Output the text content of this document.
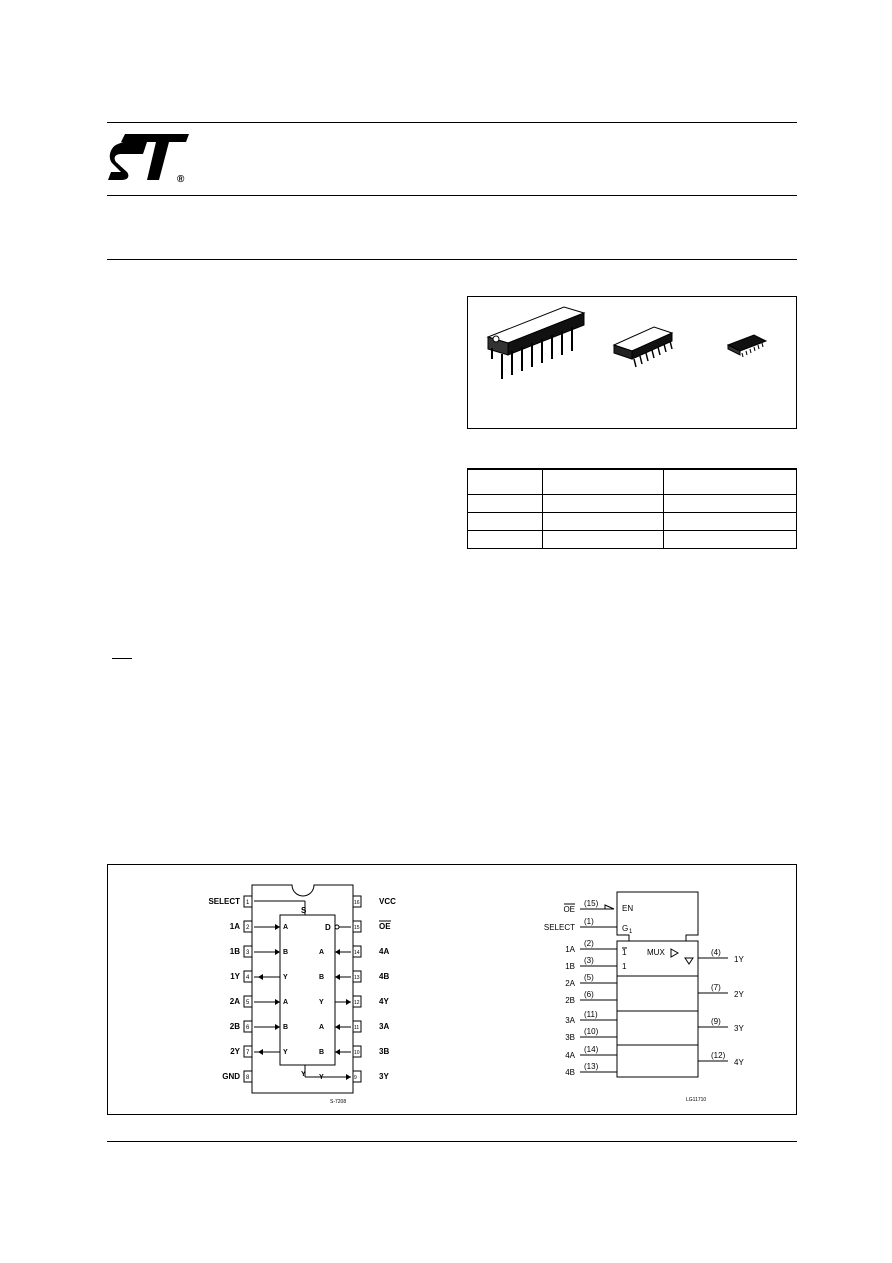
®

1
2
3
4
5
6
7
8
16
15
14
13
12
11
10
9
S
D
Y
A
B
Y
A
B
Y
A
B
Y
A
B
Y
SELECT
1A
1B
1Y
2A
2B
2Y
GND
VCC
OE
4A
4B
4Y
3A
3B
3Y
S-7208
EN
G 1
MUX
1
1
(15)
OE
(1)
SELECT
(2)
1A
(3)
1B
(5)
2A
(6)
2B
(11)
3A
(10)
3B
(14)
4A
(13)
4B
(4)
1Y
(7)
2Y
(9)
3Y
(12)
4Y
LG11710
